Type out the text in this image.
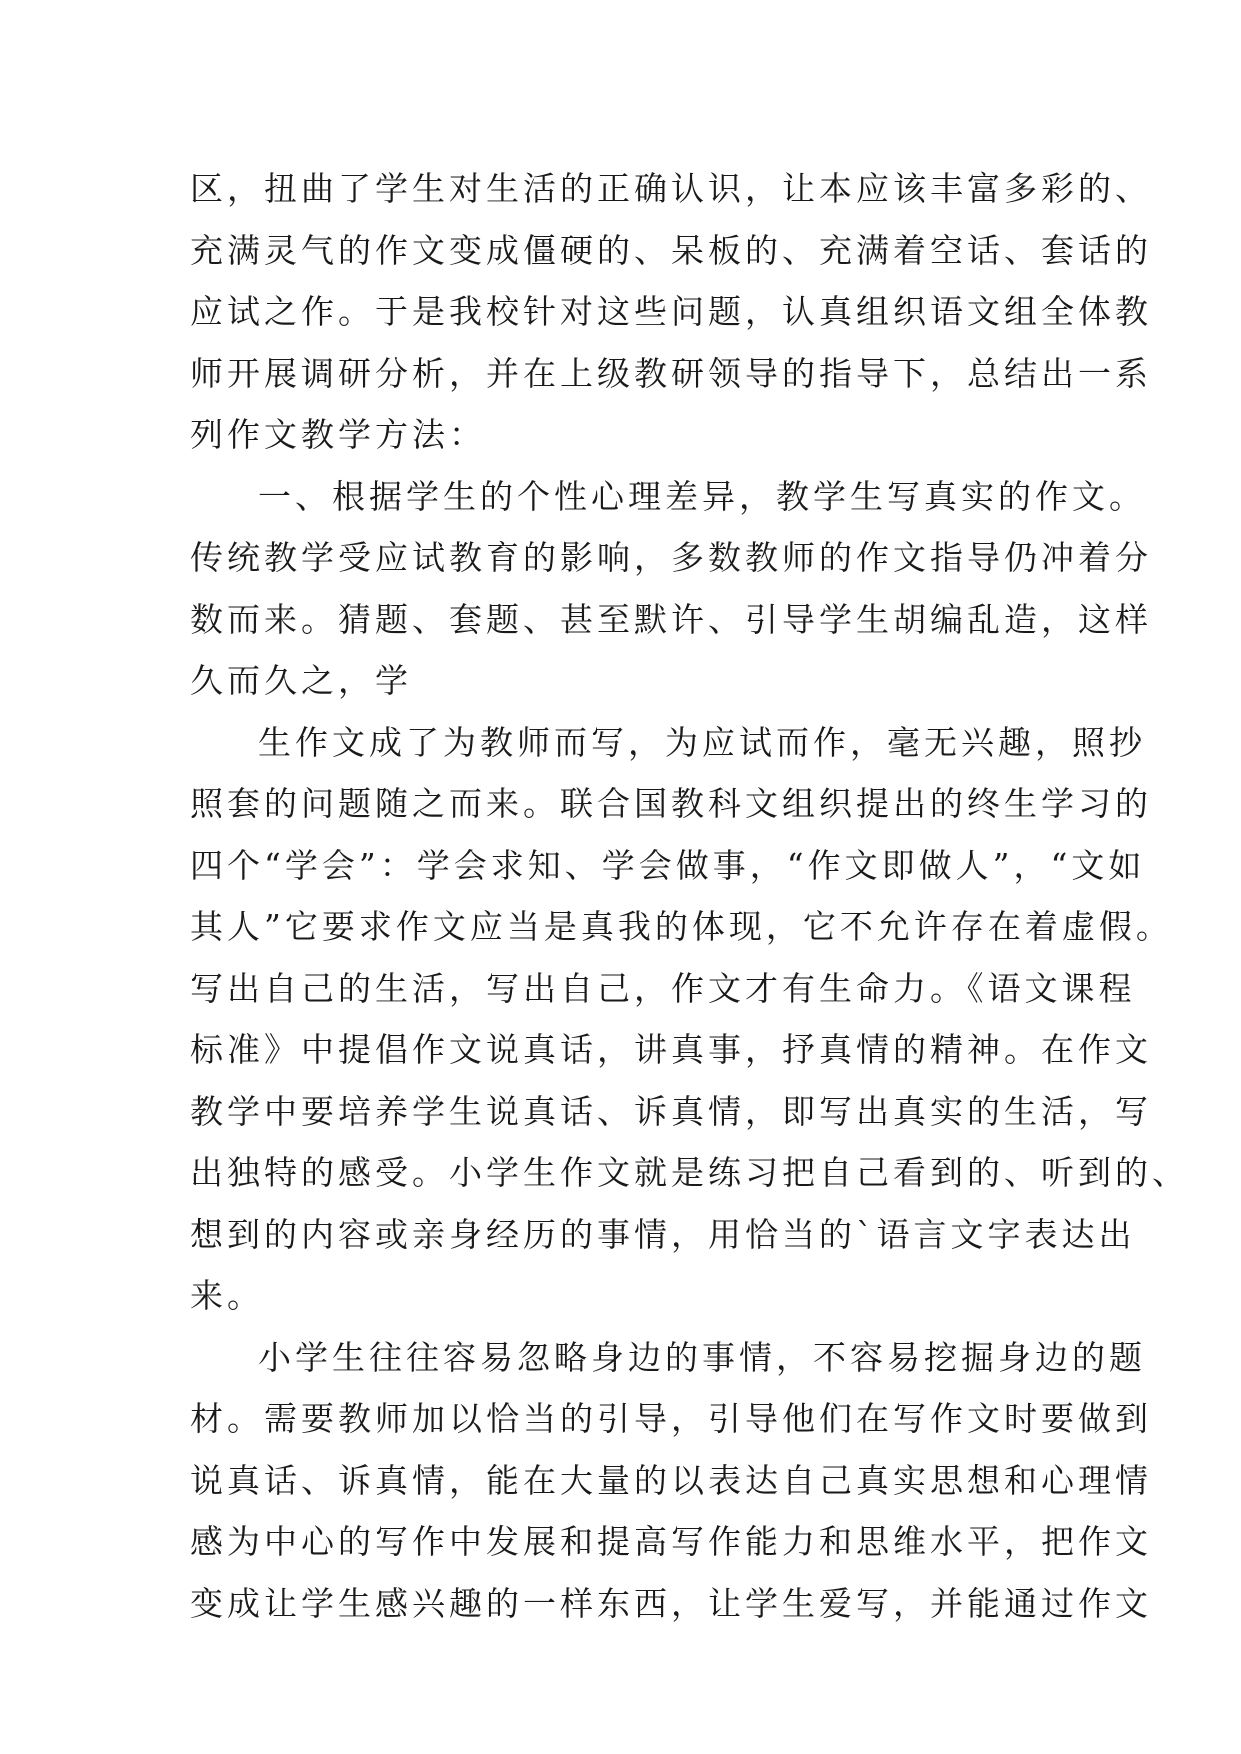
区，扭曲了学生对生活的正确认识，让本应该丰富多彩的、
充满灵气的作文变成僵硬的、呆板的、充满着空话、套话的
应试之作。于是我校针对这些问题，认真组织语文组全体教
师开展调研分析，并在上级教研领导的指导下，总结出一系
列作文教学方法：
一、根据学生的个性心理差异，教学生写真实的作文。
传统教学受应试教育的影响，多数教师的作文指导仍冲着分
数而来。猜题、套题、甚至默许、引导学生胡编乱造，这样
久而久之，学
生作文成了为教师而写，为应试而作，毫无兴趣，照抄
照套的问题随之而来。联合国教科文组织提出的终生学习的
四个“学会”：学会求知、学会做事，“作文即做人”，“文如
其人”它要求作文应当是真我的体现，它不允许存在着虚假。
写出自己的生活，写出自己，作文才有生命力。《语文课程
标准》中提倡作文说真话，讲真事，抒真情的精神。在作文
教学中要培养学生说真话、诉真情，即写出真实的生活，写
出独特的感受。小学生作文就是练习把自己看到的、听到的、
想到的内容或亲身经历的事情，用恰当的`语言文字表达出
来。
小学生往往容易忽略身边的事情，不容易挖掘身边的题
材。需要教师加以恰当的引导，引导他们在写作文时要做到
说真话、诉真情，能在大量的以表达自己真实思想和心理情
感为中心的写作中发展和提高写作能力和思维水平，把作文
变成让学生感兴趣的一样东西，让学生爱写，并能通过作文
